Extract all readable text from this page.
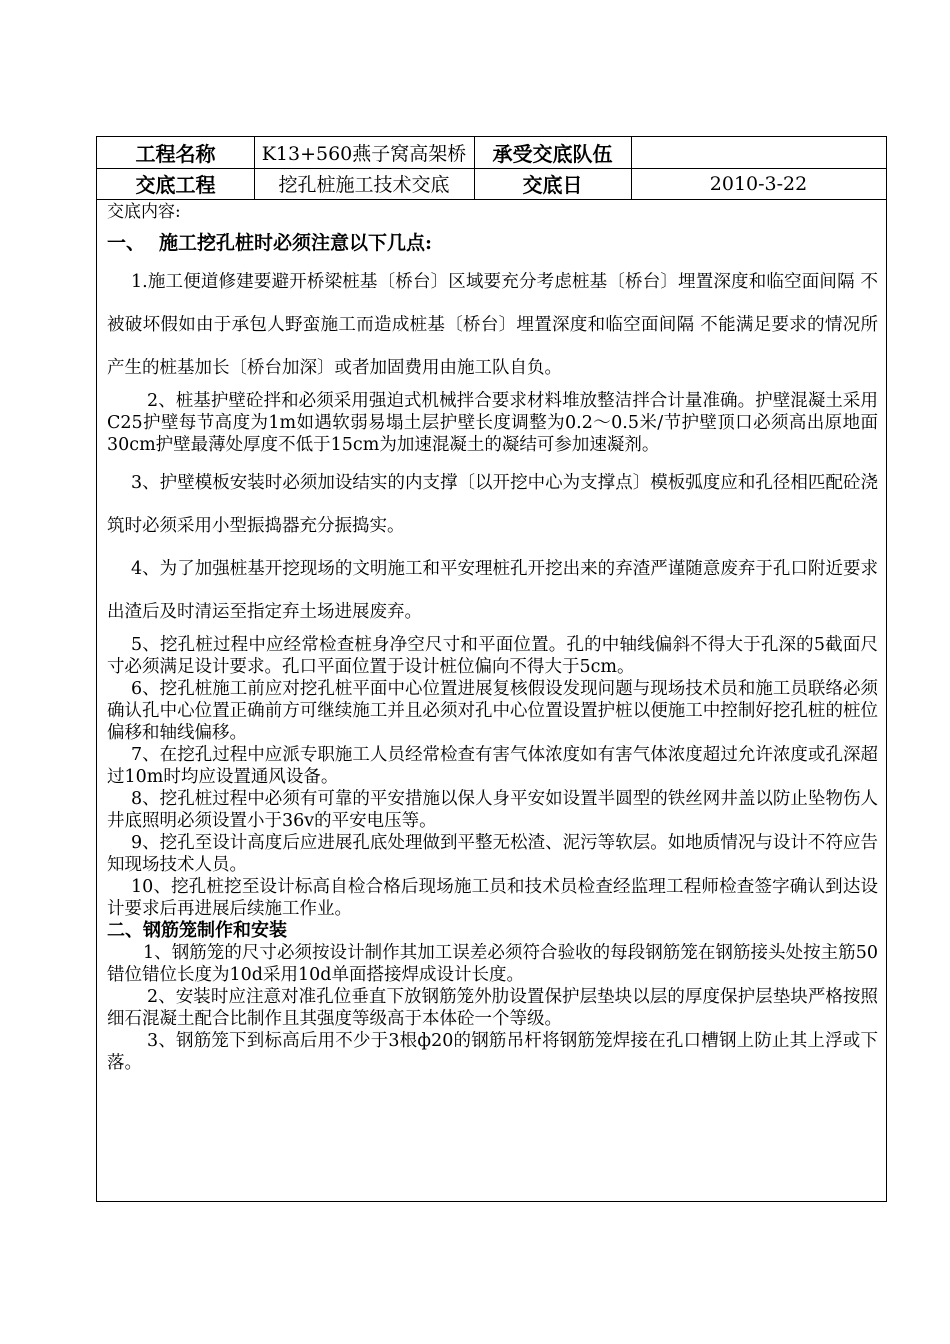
工程名称	K13+560燕子窝高架桥	承受交底队伍
交底工程	挖孔桩施工技术交底	交底日	2010-3-22
交底内容:
一、 施工挖孔桩时必须注意以下几点:

1.施工便道修建要避开桥梁桩基〔桥台〕区域要充分考虑桩基〔桥台〕埋置深度和临空面间隔 不被破坏假如由于承包人野蛮施工而造成桩基〔桥台〕埋置深度和临空面间隔 不能满足要求的情况所产生的桩基加长〔桥台加深〕或者加固费用由施工队自负。

2、桩基护壁砼拌和必须采用强迫式机械拌合要求材料堆放整洁拌合计量准确。护壁混凝土采用C25护壁每节高度为1m如遇软弱易塌土层护壁长度调整为0.2～0.5米/节护壁顶口必须高出原地面30cm护壁最薄处厚度不低于15cm为加速混凝土的凝结可参加速凝剂。

3、护壁模板安装时必须加设结实的内支撑〔以开挖中心为支撑点〕模板弧度应和孔径相匹配砼浇筑时必须采用小型振捣器充分振捣实。

4、为了加强桩基开挖现场的文明施工和平安理桩孔开挖出来的弃渣严谨随意废弃于孔口附近要求出渣后及时清运至指定弃土场进展废弃。

5、挖孔桩过程中应经常检查桩身净空尺寸和平面位置。孔的中轴线偏斜不得大于孔深的5截面尺寸必须满足设计要求。孔口平面位置于设计桩位偏向不得大于5cm。

6、挖孔桩施工前应对挖孔桩平面中心位置进展复核假设发现问题与现场技术员和施工员联络必须确认孔中心位置正确前方可继续施工并且必须对孔中心位置设置护桩以便施工中控制好挖孔桩的桩位偏移和轴线偏移。

7、在挖孔过程中应派专职施工人员经常检查有害气体浓度如有害气体浓度超过允许浓度或孔深超过10m时均应设置通风设备。

8、挖孔桩过程中必须有可靠的平安措施以保人身平安如设置半圆型的铁丝网井盖以防止坠物伤人井底照明必须设置小于36v的平安电压等。

9、挖孔至设计高度后应进展孔底处理做到平整无松渣、泥污等软层。如地质情况与设计不符应告知现场技术人员。

10、挖孔桩挖至设计标高自检合格后现场施工员和技术员检查经监理工程师检查签字确认到达设计要求后再进展后续施工作业。

二、钢筋笼制作和安装

1、钢筋笼的尺寸必须按设计制作其加工误差必须符合验收的每段钢筋笼在钢筋接头处按主筋50错位错位长度为10d采用10d单面搭接焊成设计长度。

2、安装时应注意对准孔位垂直下放钢筋笼外肋设置保护层垫块以层的厚度保护层垫块严格按照细石混凝土配合比制作且其强度等级高于本体砼一个等级。

3、钢筋笼下到标高后用不少于3根ф20的钢筋吊杆将钢筋笼焊接在孔口槽钢上防止其上浮或下落。
